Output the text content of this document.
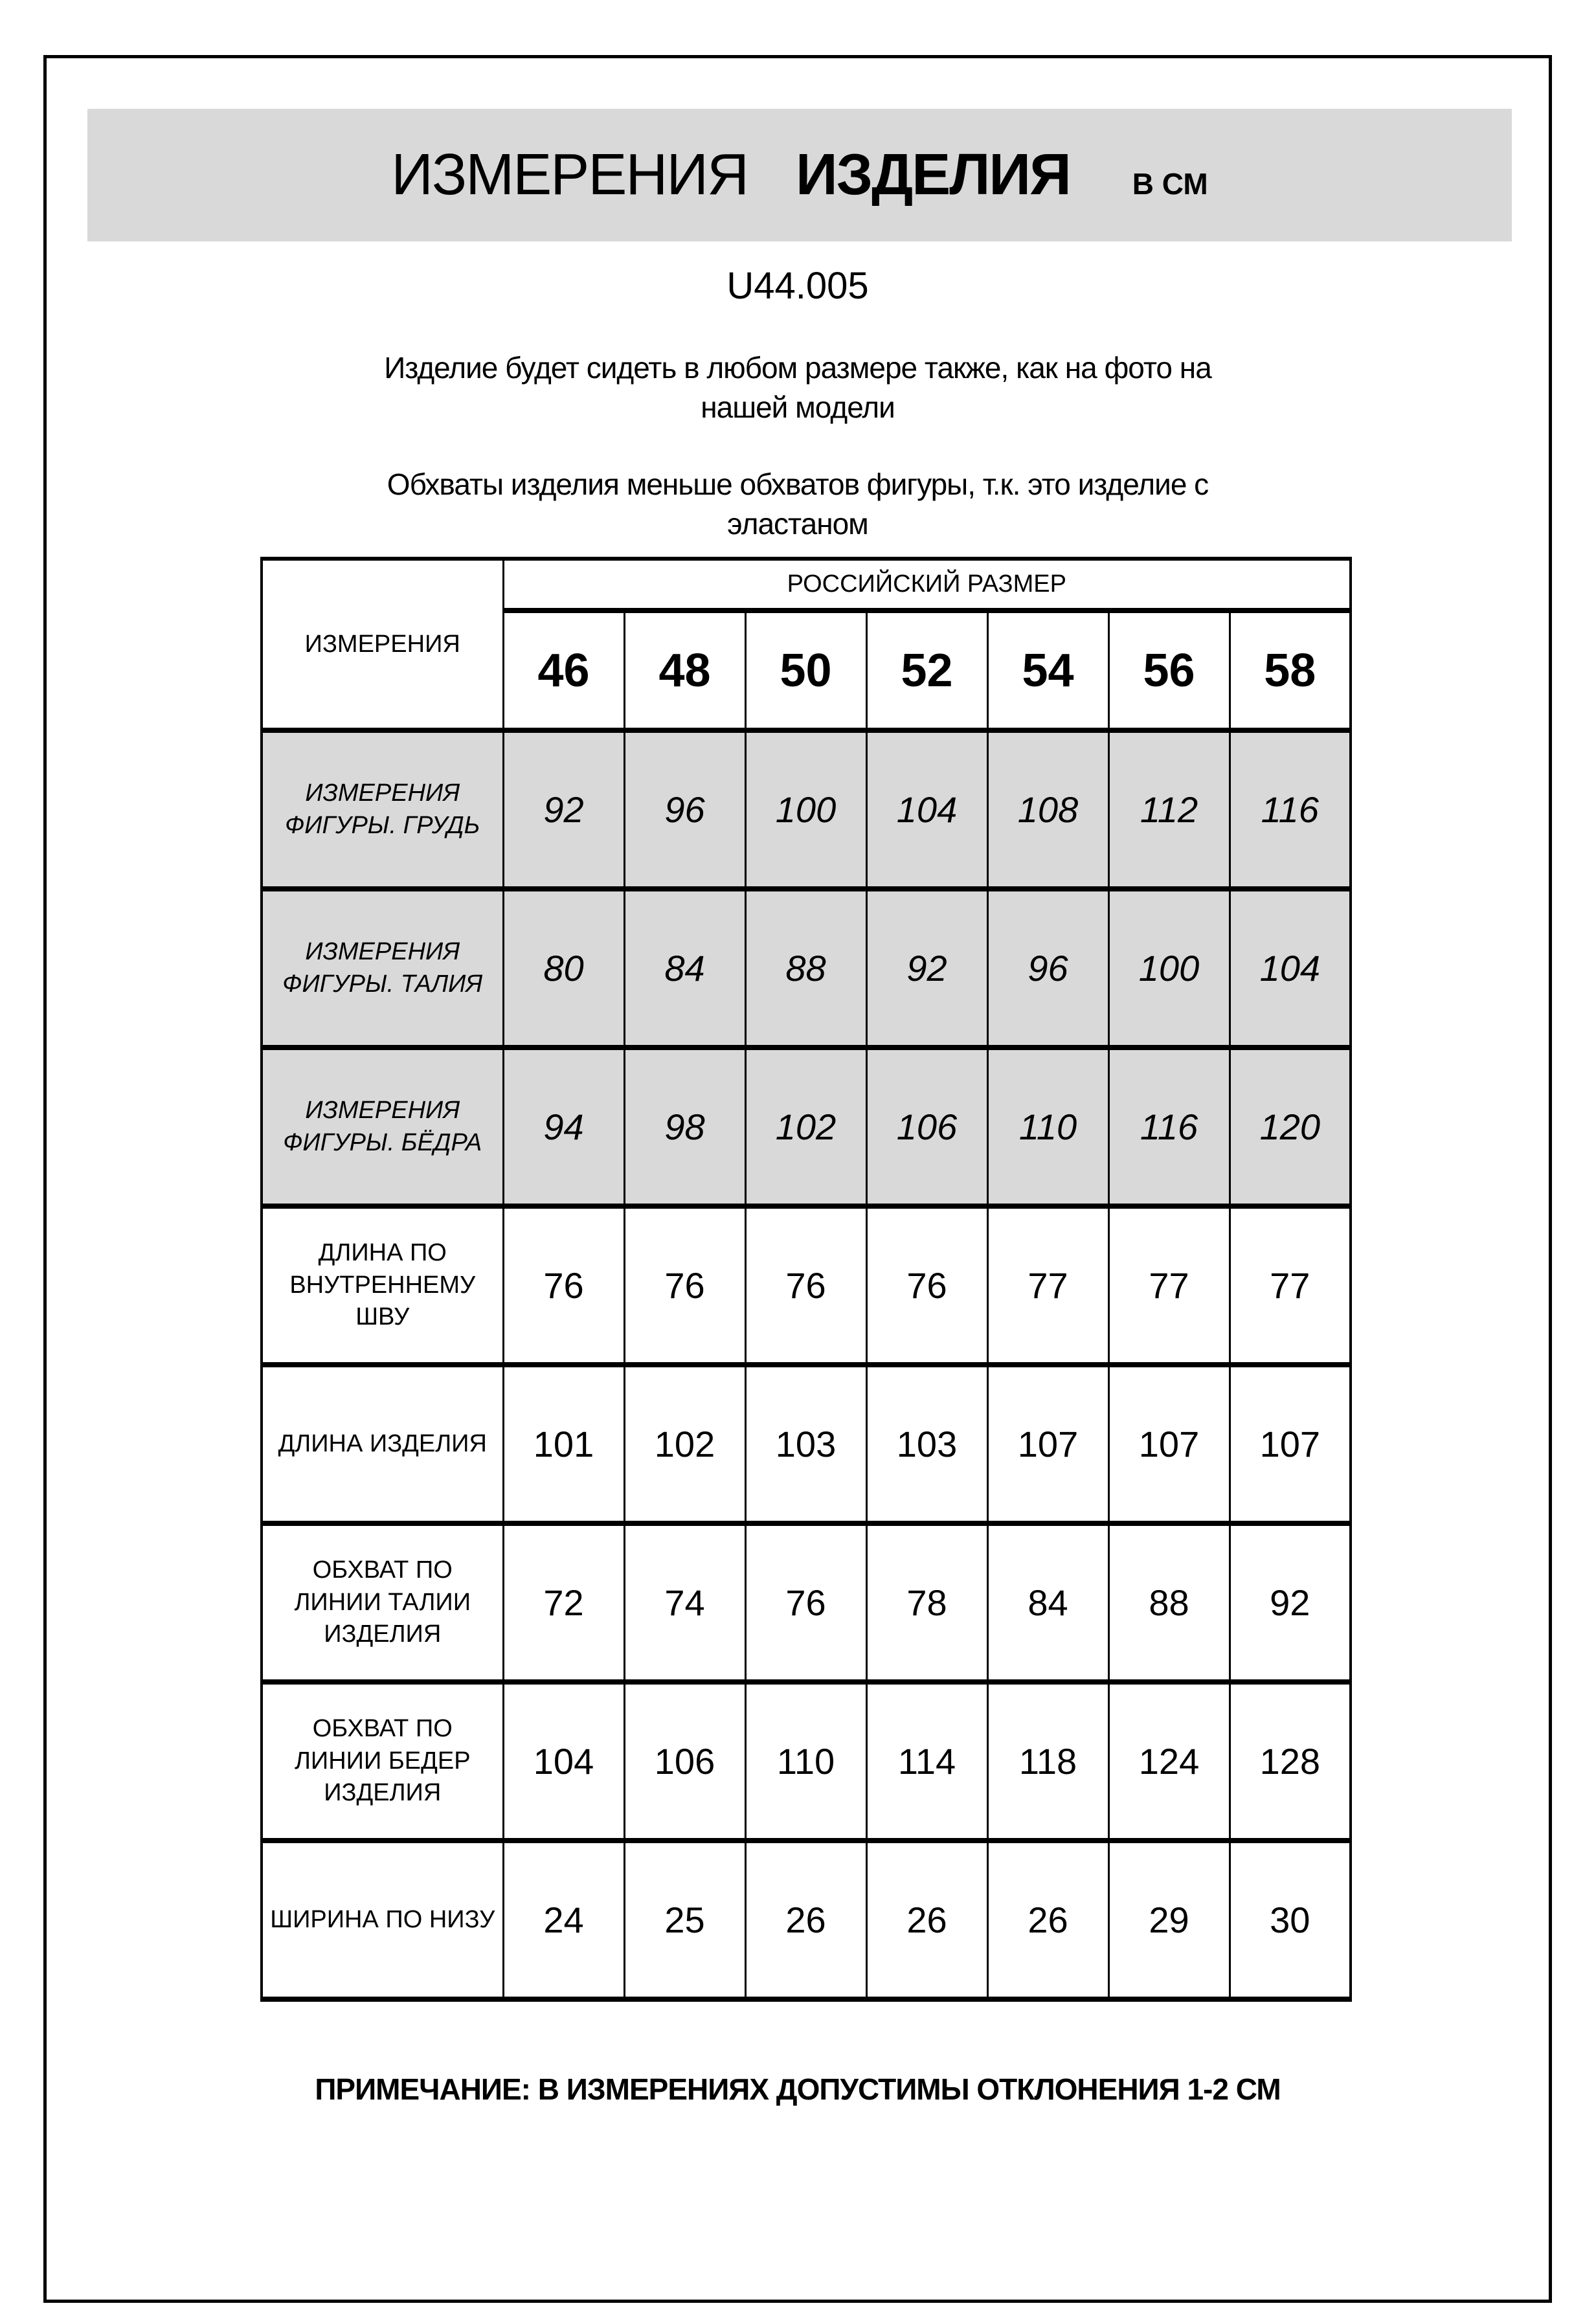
ИЗМЕРЕНИЯ ИЗДЕЛИЯ В СМ
U44.005
Изделие будет сидеть в любом размере также, как на фото на
нашей модели
Обхваты изделия меньше обхватов фигуры, т.к. это изделие с
эластаном
ИЗМЕРЕНИЯ	РОССИЙСКИЙ РАЗМЕР						
	46	48	50	52	54	56	58
ИЗМЕРЕНИЯ ФИГУРЫ. ГРУДЬ	92	96	100	104	108	112	116
ИЗМЕРЕНИЯ ФИГУРЫ. ТАЛИЯ	80	84	88	92	96	100	104
ИЗМЕРЕНИЯ ФИГУРЫ. БЁДРА	94	98	102	106	110	116	120
ДЛИНА ПО ВНУТРЕННЕМУ ШВУ	76	76	76	76	77	77	77
ДЛИНА ИЗДЕЛИЯ	101	102	103	103	107	107	107
ОБХВАТ ПО ЛИНИИ ТАЛИИ ИЗДЕЛИЯ	72	74	76	78	84	88	92
ОБХВАТ ПО ЛИНИИ БЕДЕР ИЗДЕЛИЯ	104	106	110	114	118	124	128
ШИРИНА ПО НИЗУ	24	25	26	26	26	29	30
ПРИМЕЧАНИЕ: В ИЗМЕРЕНИЯХ ДОПУСТИМЫ ОТКЛОНЕНИЯ 1-2 СМ
